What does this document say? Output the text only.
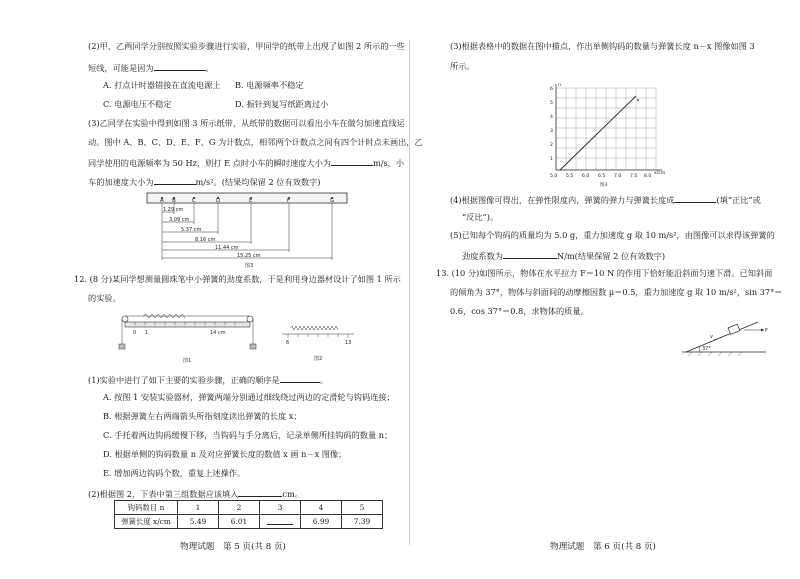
(2)甲、乙两同学分别按照实验步骤进行实验，甲同学的纸带上出现了如图 2 所示的一些
短线，可能是因为	。
A. 打点计时器错接在直流电源上 B. 电源频率不稳定
C. 电源电压不稳定	D. 振针到复写纸距离过小
(3)乙同学在实验中得到如图 3 所示纸带，从纸带的数据可以看出小车在做匀加速直线运
动。图中 A、B、C、D、E、F、G 为计数点，相邻两个计数点之间有四个计时点未画出，乙
同学使用的电源频率为 50 Hz，则打 E 点时小车的瞬时速度大小为	m/s，小
车的加速度大小为	m/s²。(结果均保留 2 位有效数字)
A B	C	D	E	F	G
1.29 cm
3.09 cm
5.37 cm
8.16 cm
11.44 cm
15.25 cm
图3
12. (8 分)某同学想测量圆珠笔中小弹簧的劲度系数，于是利用身边器材设计了如图 1 所示
的实验。
0 1	14 cm
图1
6	13
图2
(1)实验中进行了如下主要的实验步骤，正确的顺序是	。
A. 按图 1 安装实验器材，弹簧两端分别通过细线绕过两边的定滑轮与钩码连接；
B. 根据弹簧左右两端箭头所指刻度读出弹簧的长度 x；
C. 手托着两边钩码缓慢下移，当钩码与手分离后，记录单侧所挂钩码的数量 n；
D. 根据单侧的钩码数量 n 及对应弹簧长度的数值 x 画 n－x 图像；
E. 增加两边钩码个数，重复上述操作。
(2)根据图 2，下表中第三组数据应该填入	cm。
钩码数目 n	1	2	3	4	5
弹簧长度 x/cm	5.49	6.01		6.99	7.39
物理试题　第 5 页(共 8 页)
(3)根据表格中的数据在图中描点，作出单侧钩码的数量与弹簧长度 n－x 图像如图 3
所示。
n
1
2
3
4
5
6
5.0 5.5 6.0 6.5 7.0 7.5 8.0
x/cm
图3
(4)根据图像可得出，在弹性限度内，弹簧的弹力与弹簧长度成	(填“正比”或
“反比”)。
(5)已知每个钩码的质量均为 5.0 g，重力加速度 g 取 10 m/s²，由图像可以求得该弹簧的
劲度系数为	N/m(结果保留 2 位有效数字)
13. (10 分)如图所示，物体在水平拉力 F＝10 N 的作用下恰好能沿斜面匀速下滑。已知斜面
的倾角为 37°，物体与斜面间的动摩擦因数 μ＝0.5，重力加速度 g 取 10 m/s²，sin 37°＝
0.6，cos 37°＝0.8，求物体的质量。
F
37°
v
物理试题　第 6 页(共 8 页)
